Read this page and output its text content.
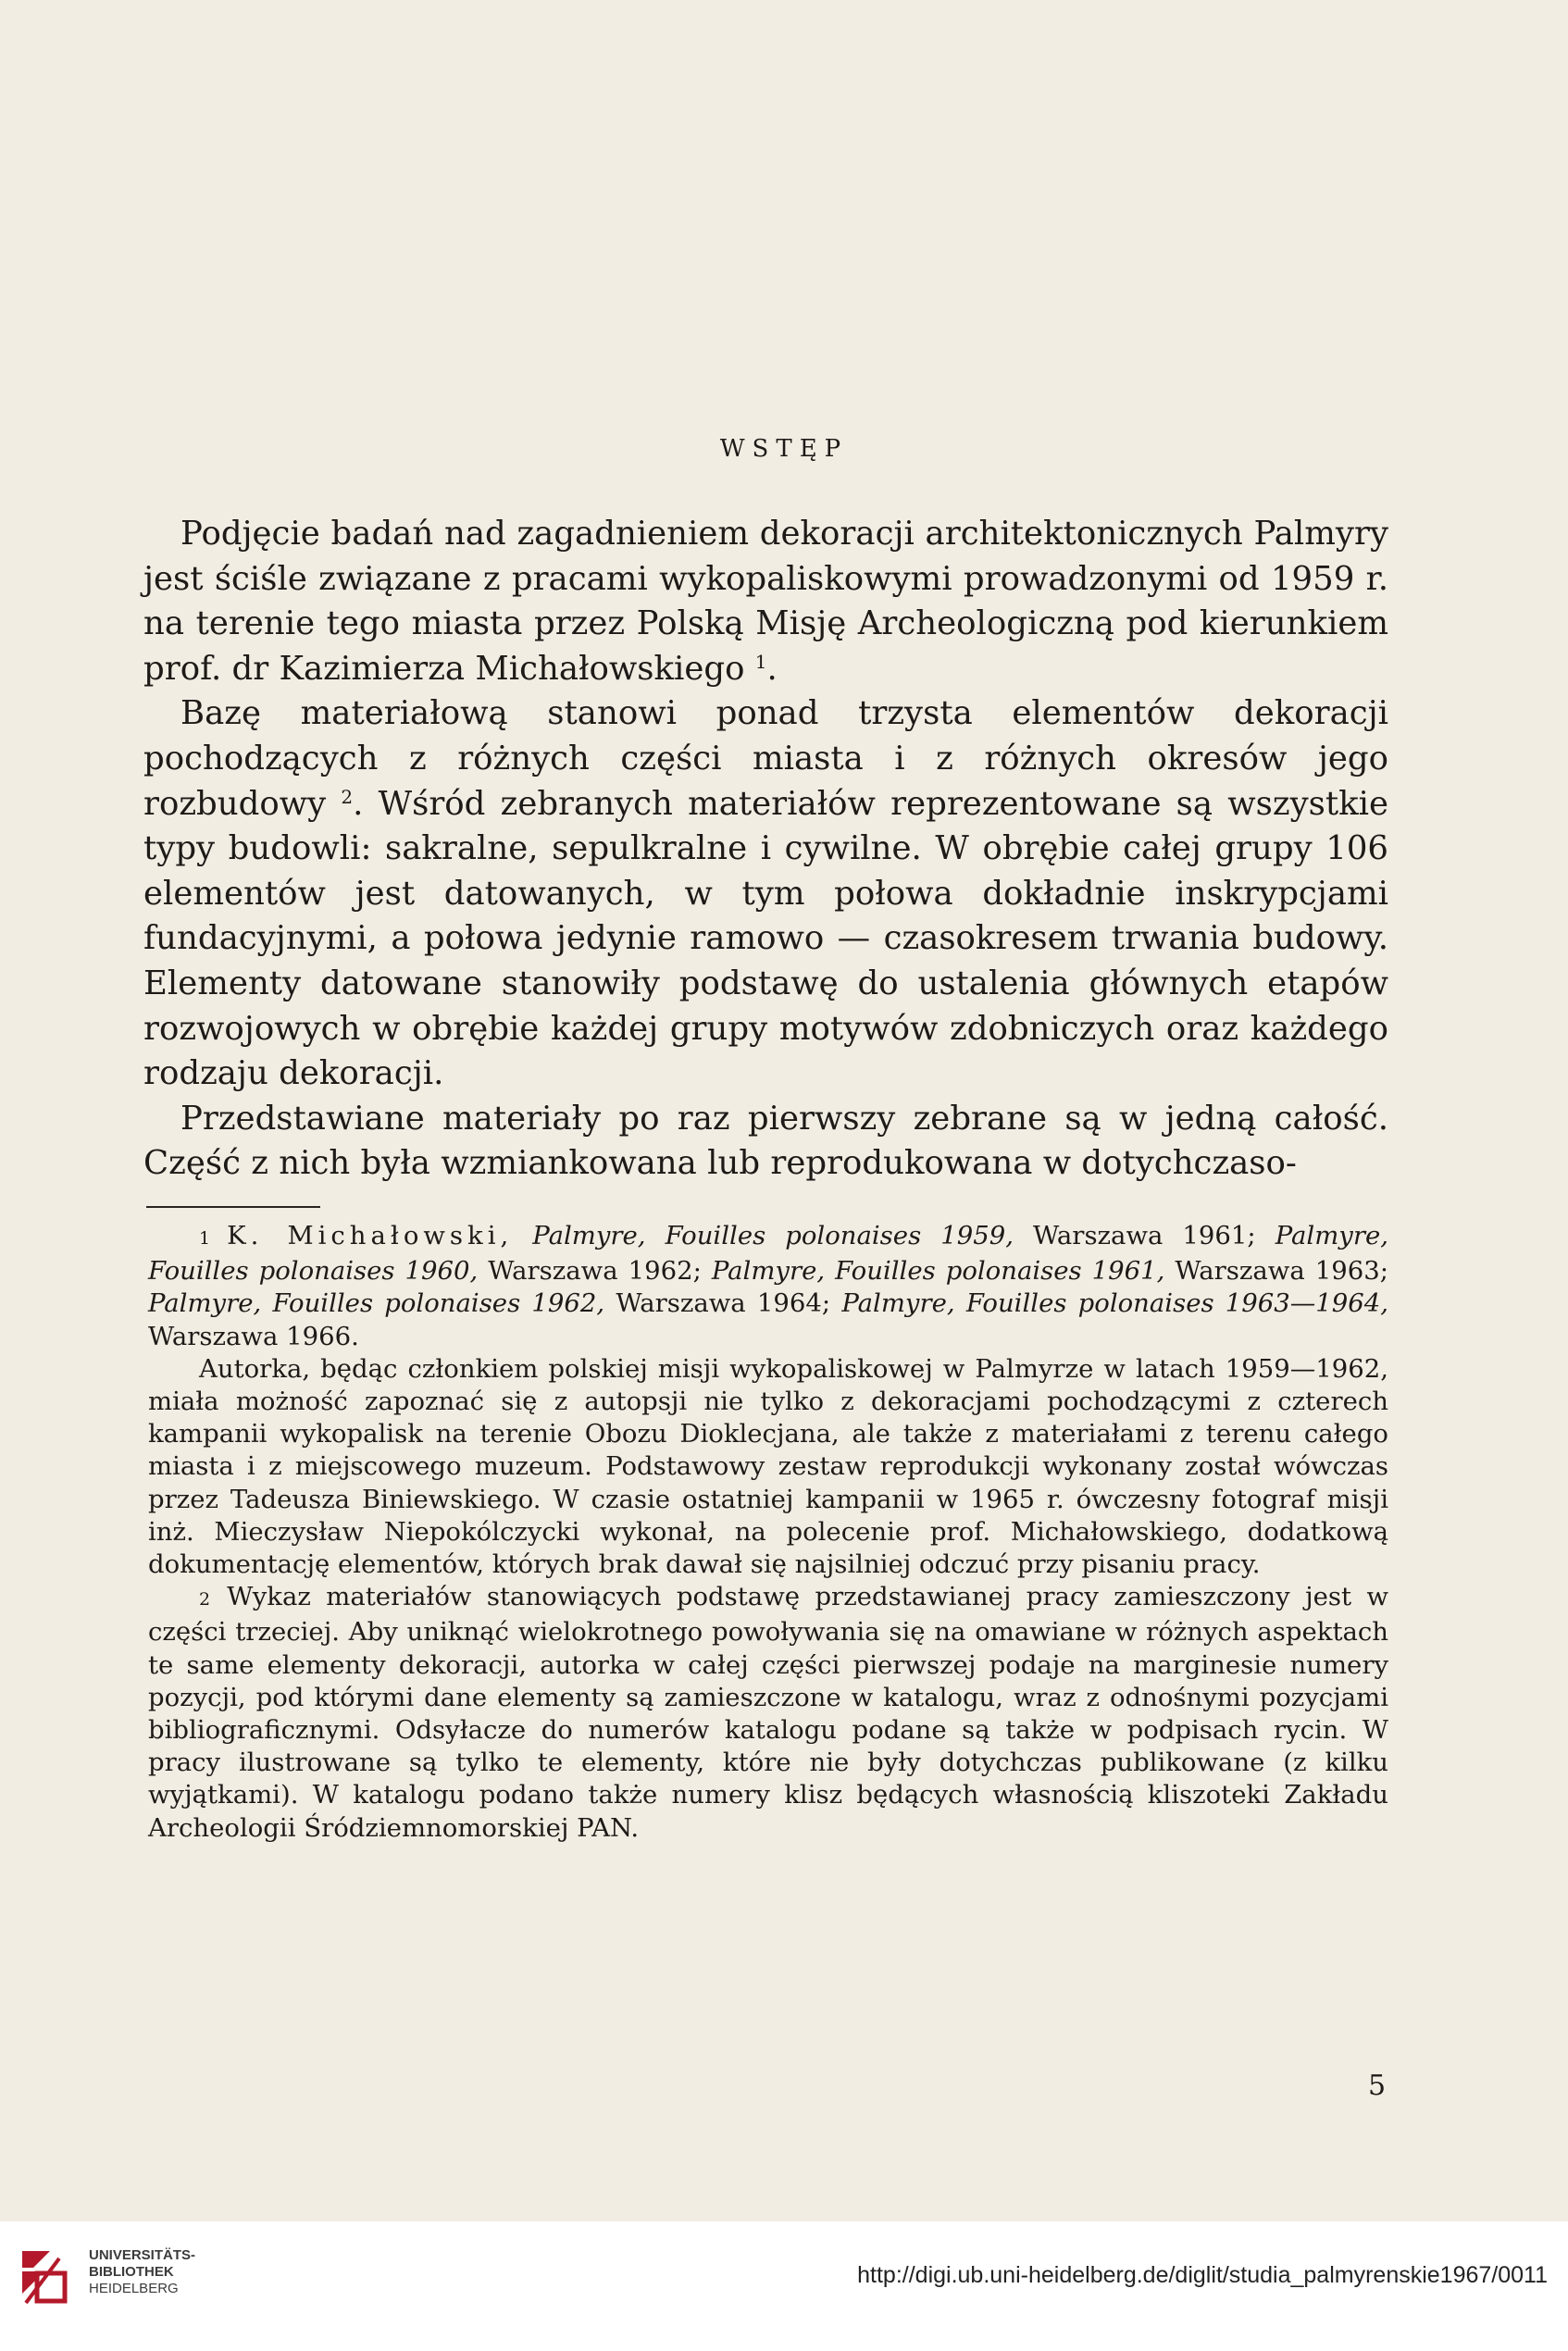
WSTĘP

Podjęcie badań nad zagadnieniem dekoracji architektonicznych Palmyry jest ściśle związane z pracami wykopaliskowymi prowadzonymi od 1959 r. na terenie tego miasta przez Polską Misję Archeologiczną pod kierunkiem prof. dr Kazimierza Michałowskiego $^1$.

Bazę materiałową stanowi ponad trzysta elementów dekoracji pochodzących z różnych części miasta i z różnych okresów jego rozbudowy $^2$. Wśród zebranych materiałów reprezentowane są wszystkie typy budowli: sakralne, sepulkralne i cywilne. W obrębie całej grupy 106 elementów jest datowanych, w tym połowa dokładnie inskrypcjami fundacyjnymi, a połowa jedynie ramowo — czasokresem trwania budowy. Elementy datowane stanowiły podstawę do ustalenia głównych etapów rozwojowych w obrębie każdej grupy motywów zdobniczych oraz każdego rodzaju dekoracji.

Przedstawiane materiały po raz pierwszy zebrane są w jedną całość. Część z nich była wzmiankowana lub reprodukowana w dotychczaso-

1 K. Michałowski, Palmyre, Fouilles polonaises 1959, Warszawa 1961; Palmyre, Fouilles polonaises 1960, Warszawa 1962; Palmyre, Fouilles polonaises 1961, Warszawa 1963; Palmyre, Fouilles polonaises 1962, Warszawa 1964; Palmyre, Fouilles polonaises 1963—1964, Warszawa 1966.

Autorka, będąc członkiem polskiej misji wykopaliskowej w Palmyrze w latach 1959—1962, miała możność zapoznać się z autopsji nie tylko z dekoracjami pochodzącymi z czterech kampanii wykopalisk na terenie Obozu Dioklecjana, ale także z materiałami z terenu całego miasta i z miejscowego muzeum. Podstawowy zestaw reprodukcji wykonany został wówczas przez Tadeusza Biniewskiego. W czasie ostatniej kampanii w 1965 r. ówczesny fotograf misji inż. Mieczysław Niepokólczycki wykonał, na polecenie prof. Michałowskiego, dodatkową dokumentację elementów, których brak dawał się najsilniej odczuć przy pisaniu pracy.

2 Wykaz materiałów stanowiących podstawę przedstawianej pracy zamieszczony jest w części trzeciej. Aby uniknąć wielokrotnego powoływania się na omawiane w różnych aspektach te same elementy dekoracji, autorka w całej części pierwszej podaje na marginesie numery pozycji, pod którymi dane elementy są zamieszczone w katalogu, wraz z odnośnymi pozycjami bibliograficznymi. Odsyłacze do numerów katalogu podane są także w podpisach rycin. W pracy ilustrowane są tylko te elementy, które nie były dotychczas publikowane (z kilku wyjątkami). W katalogu podano także numery klisz będących własnością kliszoteki Zakładu Archeologii Śródziemnomorskiej PAN.

5
UNIVERSITÄTS-
BIBLIOTHEK
HEIDELBERG
http://digi.ub.uni-heidelberg.de/diglit/studia_palmyrenskie1967/0011
